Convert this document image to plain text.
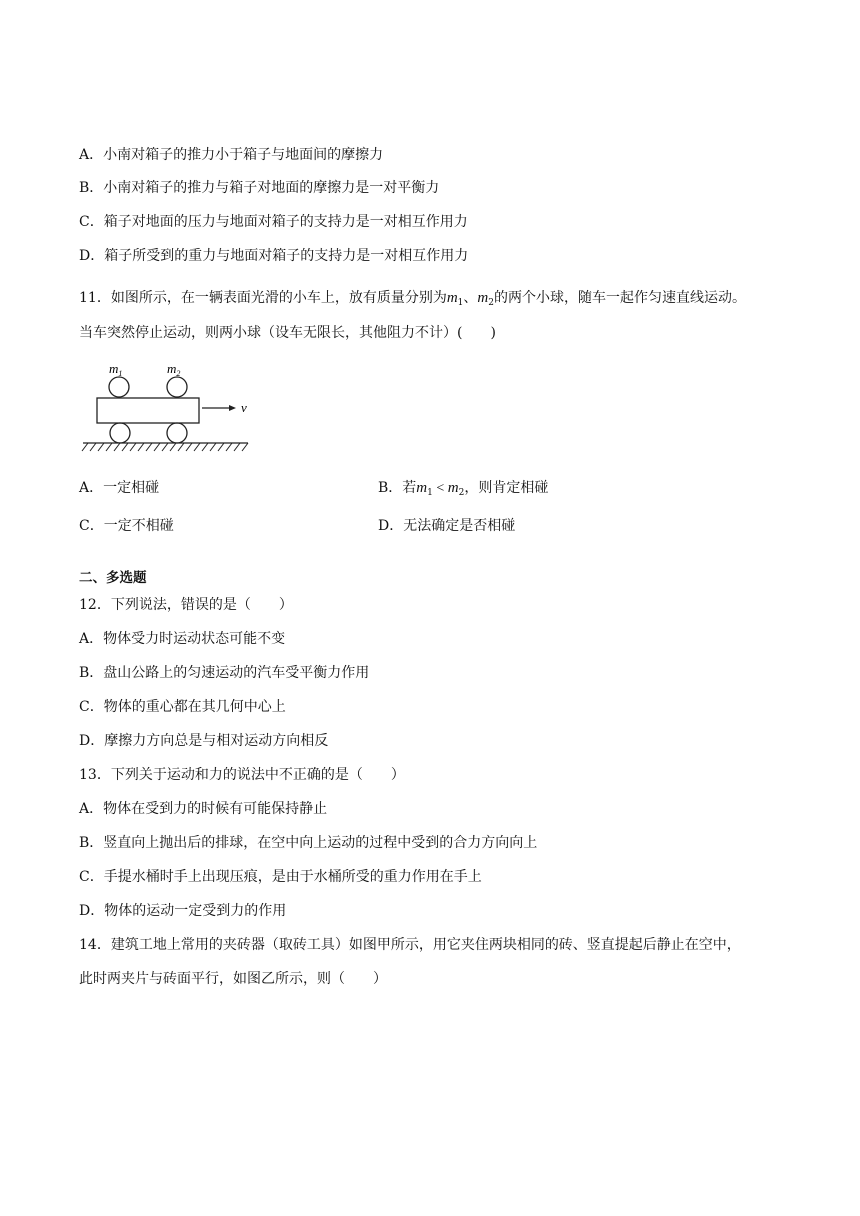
A．小南对箱子的推力小于箱子与地面间的摩擦力
B．小南对箱子的推力与箱子对地面的摩擦力是一对平衡力
C．箱子对地面的压力与地面对箱子的支持力是一对相互作用力
D．箱子所受到的重力与地面对箱子的支持力是一对相互作用力
11．如图所示，在一辆表面光滑的小车上，放有质量分别为$m_1$、$m_2$的两个小球，随车一起作匀速直线运动。
当车突然停止运动，则两小球（设车无限长，其他阻力不计）(　　)
$m_1$	$m_2$
v
A．一定相碰	B．若$m_1 < m_2$，则肯定相碰
C．一定不相碰	D．无法确定是否相碰
二、多选题
12．下列说法，错误的是（　　）
A．物体受力时运动状态可能不变
B．盘山公路上的匀速运动的汽车受平衡力作用
C．物体的重心都在其几何中心上
D．摩擦力方向总是与相对运动方向相反
13．下列关于运动和力的说法中不正确的是（　　）
A．物体在受到力的时候有可能保持静止
B．竖直向上抛出后的排球，在空中向上运动的过程中受到的合力方向向上
C．手提水桶时手上出现压痕，是由于水桶所受的重力作用在手上
D．物体的运动一定受到力的作用
14．建筑工地上常用的夹砖器（取砖工具）如图甲所示，用它夹住两块相同的砖、竖直提起后静止在空中，
此时两夹片与砖面平行，如图乙所示，则（　　）
